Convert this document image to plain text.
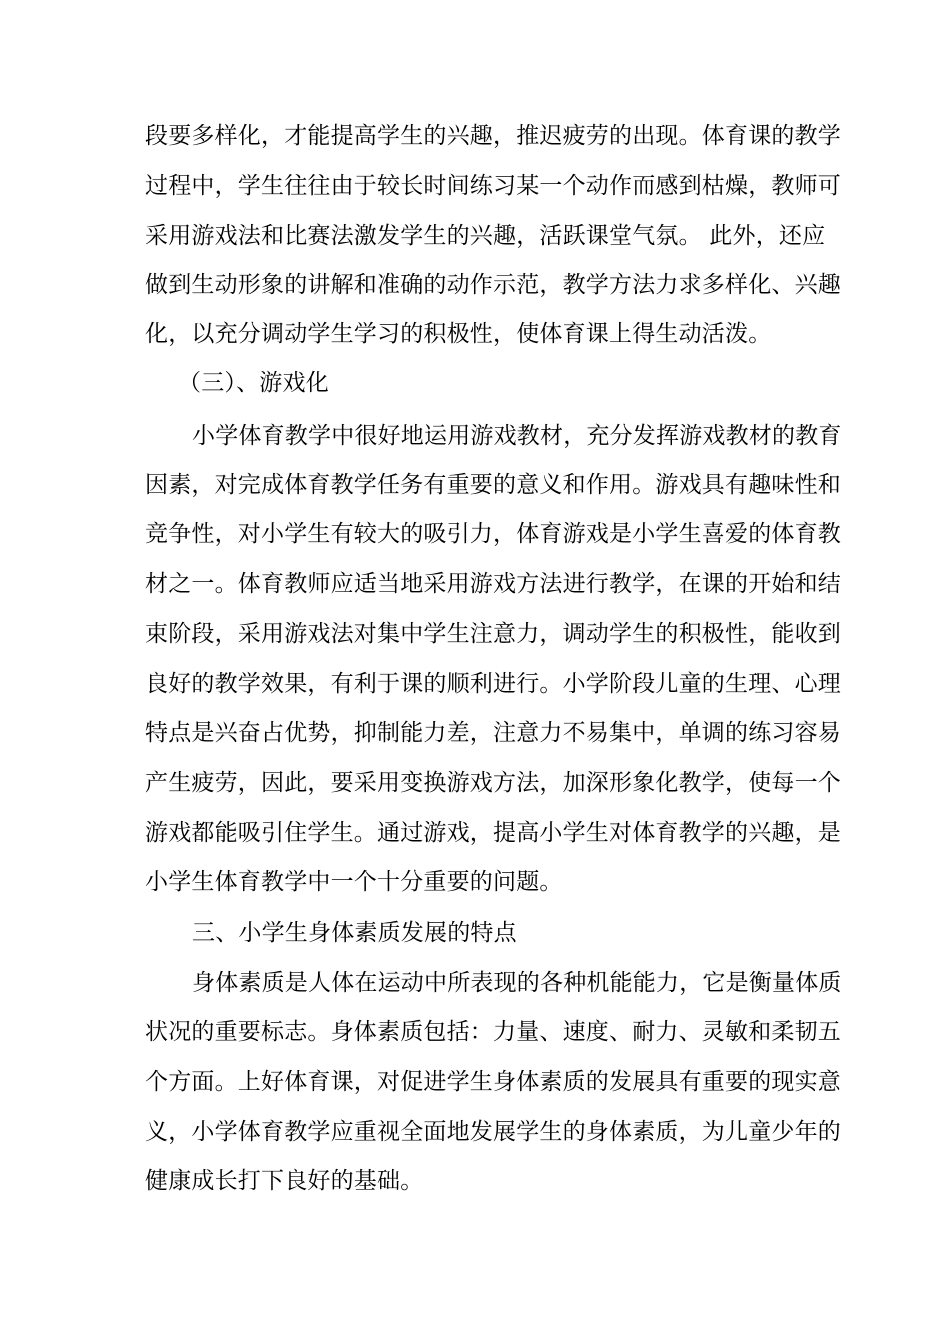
段要多样化，才能提高学生的兴趣，推迟疲劳的出现。体育课的教学
过程中，学生往往由于较长时间练习某一个动作而感到枯燥，教师可
采用游戏法和比赛法激发学生的兴趣，活跃课堂气氛。 此外，还应
做到生动形象的讲解和准确的动作示范，教学方法力求多样化、兴趣
化，以充分调动学生学习的积极性，使体育课上得生动活泼。
（三）、游戏化
小学体育教学中很好地运用游戏教材，充分发挥游戏教材的教育
因素，对完成体育教学任务有重要的意义和作用。游戏具有趣味性和
竞争性，对小学生有较大的吸引力，体育游戏是小学生喜爱的体育教
材之一。体育教师应适当地采用游戏方法进行教学，在课的开始和结
束阶段，采用游戏法对集中学生注意力，调动学生的积极性，能收到
良好的教学效果，有利于课的顺利进行。小学阶段儿童的生理、心理
特点是兴奋占优势，抑制能力差，注意力不易集中，单调的练习容易
产生疲劳，因此，要采用变换游戏方法，加深形象化教学，使每一个
游戏都能吸引住学生。通过游戏，提高小学生对体育教学的兴趣，是
小学生体育教学中一个十分重要的问题。
三、小学生身体素质发展的特点
身体素质是人体在运动中所表现的各种机能能力，它是衡量体质
状况的重要标志。身体素质包括：力量、速度、耐力、灵敏和柔韧五
个方面。上好体育课，对促进学生身体素质的发展具有重要的现实意
义，小学体育教学应重视全面地发展学生的身体素质，为儿童少年的
健康成长打下良好的基础。
